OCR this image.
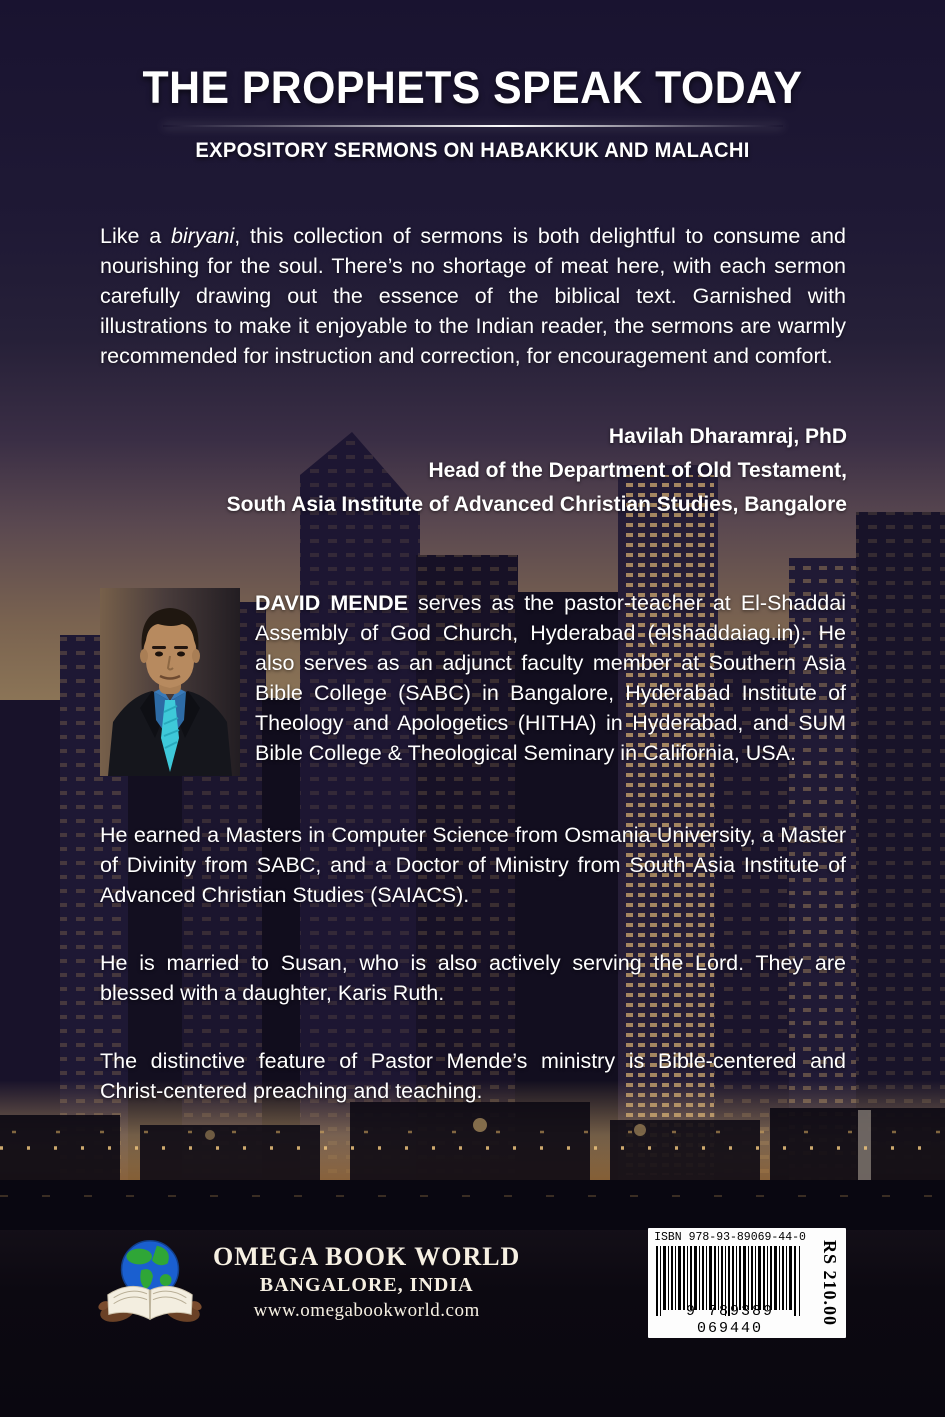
THE PROPHETS SPEAK TODAY
EXPOSITORY SERMONS ON HABAKKUK AND MALACHI

Like a biryani, this collection of sermons is both delightful to consume and nourishing for the soul. There’s no shortage of meat here, with each sermon carefully drawing out the essence of the biblical text. Garnished with illustrations to make it enjoyable to the Indian reader, the sermons are warmly recommended for instruction and correction, for encouragement and comfort.

Havilah Dharamraj, PhD
Head of the Department of Old Testament,
South Asia Institute of Advanced Christian Studies, Bangalore

DAVID MENDE serves as the pastor-teacher at El-Shaddai Assembly of God Church, Hyderabad (elshaddaiag.in). He also serves as an adjunct faculty member at Southern Asia Bible College (SABC) in Bangalore, Hyderabad Institute of Theology and Apologetics (HITHA) in Hyderabad, and SUM Bible College & Theological Seminary in California, USA.

He earned a Masters in Computer Science from Osmania University, a Master of Divinity from SABC, and a Doctor of Ministry from South Asia Institute of Advanced Christian Studies (SAIACS).

He is married to Susan, who is also actively serving the Lord. They are blessed with a daughter, Karis Ruth.

The distinctive feature of Pastor Mende’s ministry is Bible-centered and Christ-centered preaching and teaching.

OMEGA BOOK WORLD
BANGALORE, INDIA
www.omegabookworld.com
ISBN 978-93-89069-44-0
9 789389 069440
RS 210.00
